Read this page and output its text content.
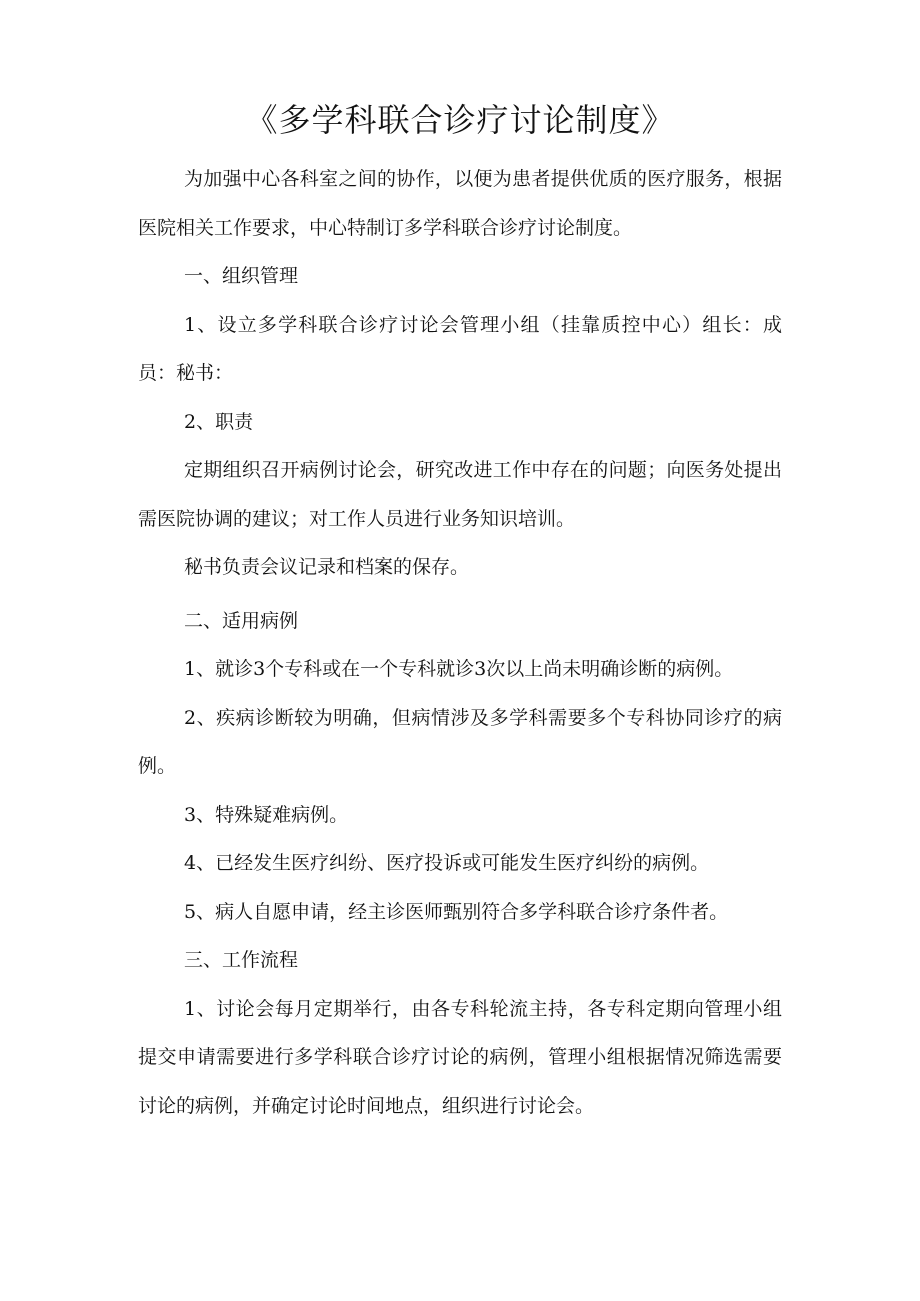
《多学科联合诊疗讨论制度》

为加强中心各科室之间的协作，以便为患者提供优质的医疗服务，根据医院相关工作要求，中心特制订多学科联合诊疗讨论制度。

一、组织管理

1、设立多学科联合诊疗讨论会管理小组（挂靠质控中心）组长：成员：秘书：

2、职责

定期组织召开病例讨论会，研究改进工作中存在的问题；向医务处提出需医院协调的建议；对工作人员进行业务知识培训。

秘书负责会议记录和档案的保存。

二、适用病例

1、就诊3个专科或在一个专科就诊3次以上尚未明确诊断的病例。

2、疾病诊断较为明确，但病情涉及多学科需要多个专科协同诊疗的病例。

3、特殊疑难病例。

4、已经发生医疗纠纷、医疗投诉或可能发生医疗纠纷的病例。

5、病人自愿申请，经主诊医师甄别符合多学科联合诊疗条件者。

三、工作流程

1、讨论会每月定期举行，由各专科轮流主持，各专科定期向管理小组提交申请需要进行多学科联合诊疗讨论的病例，管理小组根据情况筛选需要讨论的病例，并确定讨论时间地点，组织进行讨论会。
